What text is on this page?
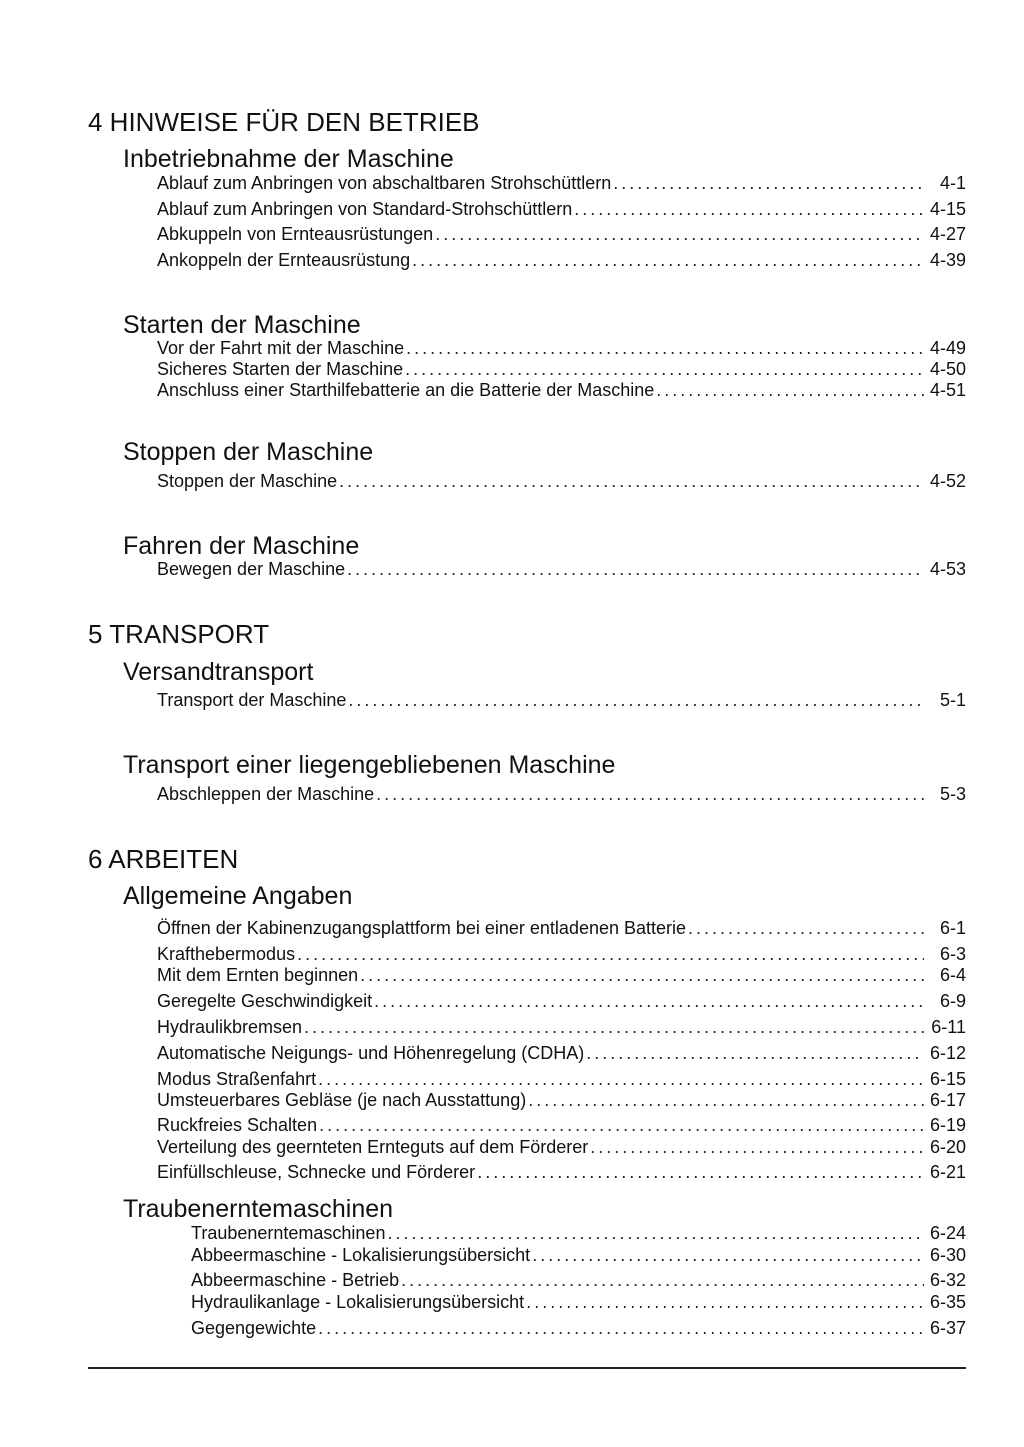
4 HINWEISE FÜR DEN BETRIEB
Inbetriebnahme der Maschine
Ablauf zum Anbringen von abschaltbaren Strohschüttlern . . .	4-1
Ablauf zum Anbringen von Standard-Strohschüttlern . . .	4-15
Abkuppeln von Ernteausrüstungen . . .	4-27
Ankoppeln der Ernteausrüstung . . .	4-39
Starten der Maschine
Vor der Fahrt mit der Maschine . . .	4-49
Sicheres Starten der Maschine . . .	4-50
Anschluss einer Starthilfebatterie an die Batterie der Maschine . . .	4-51
Stoppen der Maschine
Stoppen der Maschine . . .	4-52
Fahren der Maschine
Bewegen der Maschine . . .	4-53
5 TRANSPORT
Versandtransport
Transport der Maschine . . .	5-1
Transport einer liegengebliebenen Maschine
Abschleppen der Maschine . . .	5-3
6 ARBEITEN
Allgemeine Angaben
Öffnen der Kabinenzugangsplattform bei einer entladenen Batterie . . .	6-1
Krafthebermodus . . .	6-3
Mit dem Ernten beginnen . . .	6-4
Geregelte Geschwindigkeit . . .	6-9
Hydraulikbremsen . . .	6-11
Automatische Neigungs- und Höhenregelung (CDHA) . . .	6-12
Modus Straßenfahrt . . .	6-15
Umsteuerbares Gebläse (je nach Ausstattung) . . .	6-17
Ruckfreies Schalten . . .	6-19
Verteilung des geernteten Ernteguts auf dem Förderer . . .	6-20
Einfüllschleuse, Schnecke und Förderer . . .	6-21
Traubenerntemaschinen
Traubenerntemaschinen . . .	6-24
Abbeermaschine - Lokalisierungsübersicht . . .	6-30
Abbeermaschine - Betrieb . . .	6-32
Hydraulikanlage - Lokalisierungsübersicht . . .	6-35
Gegengewichte . . .	6-37
